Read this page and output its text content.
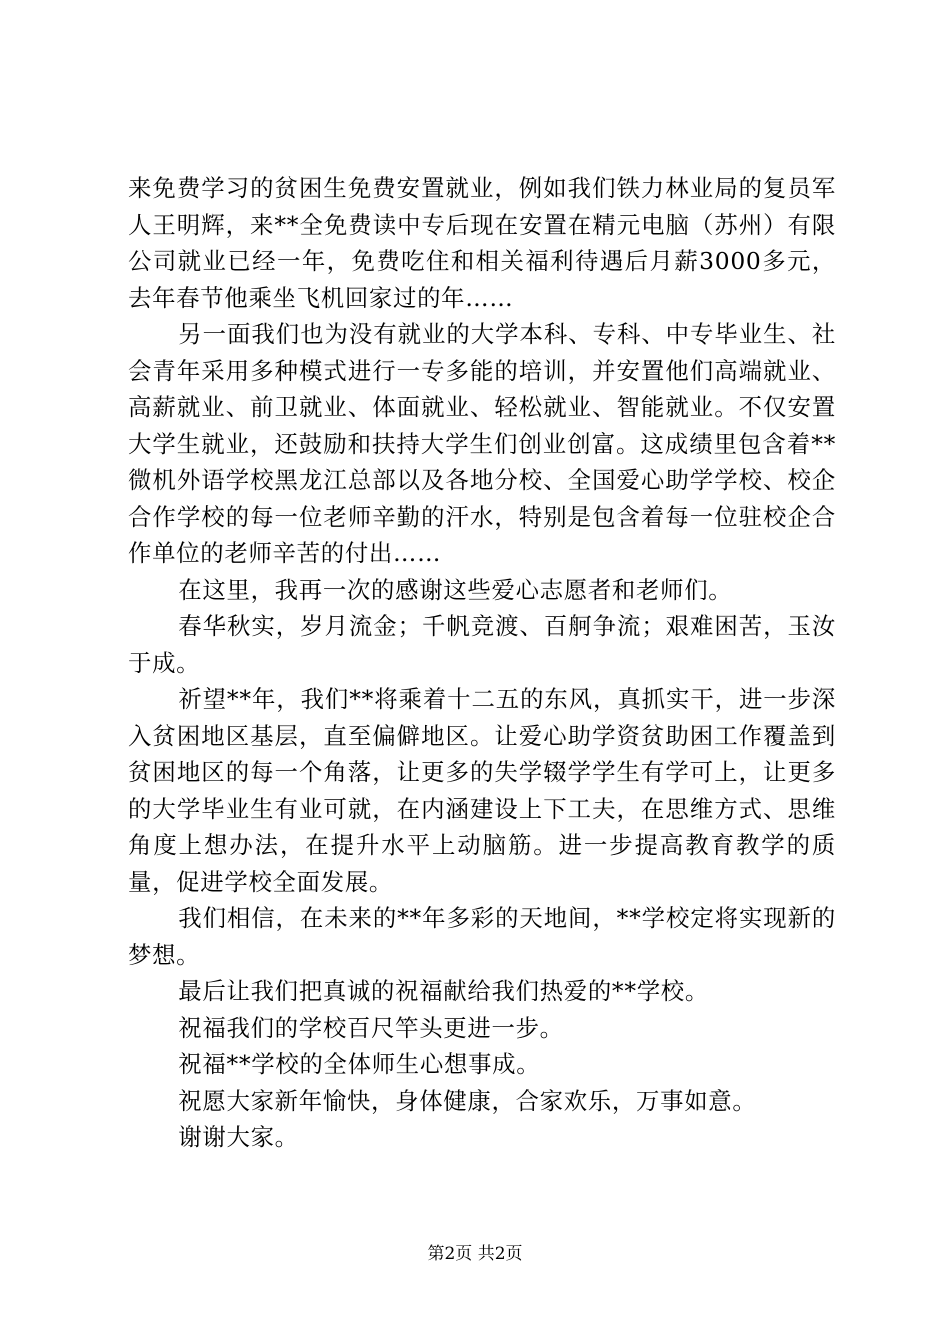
来免费学习的贫困生免费安置就业，例如我们铁力林业局的复员军人王明辉，来**全免费读中专后现在安置在精元电脑（苏州）有限公司就业已经一年，免费吃住和相关福利待遇后月薪3000多元，去年春节他乘坐飞机回家过的年……

另一面我们也为没有就业的大学本科、专科、中专毕业生、社会青年采用多种模式进行一专多能的培训，并安置他们高端就业、高薪就业、前卫就业、体面就业、轻松就业、智能就业。不仅安置大学生就业，还鼓励和扶持大学生们创业创富。这成绩里包含着**微机外语学校黑龙江总部以及各地分校、全国爱心助学学校、校企合作学校的每一位老师辛勤的汗水，特别是包含着每一位驻校企合作单位的老师辛苦的付出……

在这里，我再一次的感谢这些爱心志愿者和老师们。

春华秋实，岁月流金；千帆竞渡、百舸争流；艰难困苦，玉汝于成。

祈望**年，我们**将乘着十二五的东风，真抓实干，进一步深入贫困地区基层，直至偏僻地区。让爱心助学资贫助困工作覆盖到贫困地区的每一个角落，让更多的失学辍学学生有学可上，让更多的大学毕业生有业可就，在内涵建设上下工夫，在思维方式、思维角度上想办法，在提升水平上动脑筋。进一步提高教育教学的质量，促进学校全面发展。

我们相信，在未来的**年多彩的天地间，**学校定将实现新的梦想。

最后让我们把真诚的祝福献给我们热爱的**学校。

祝福我们的学校百尺竿头更进一步。

祝福**学校的全体师生心想事成。

祝愿大家新年愉快，身体健康，合家欢乐，万事如意。

谢谢大家。

第2页 共2页
